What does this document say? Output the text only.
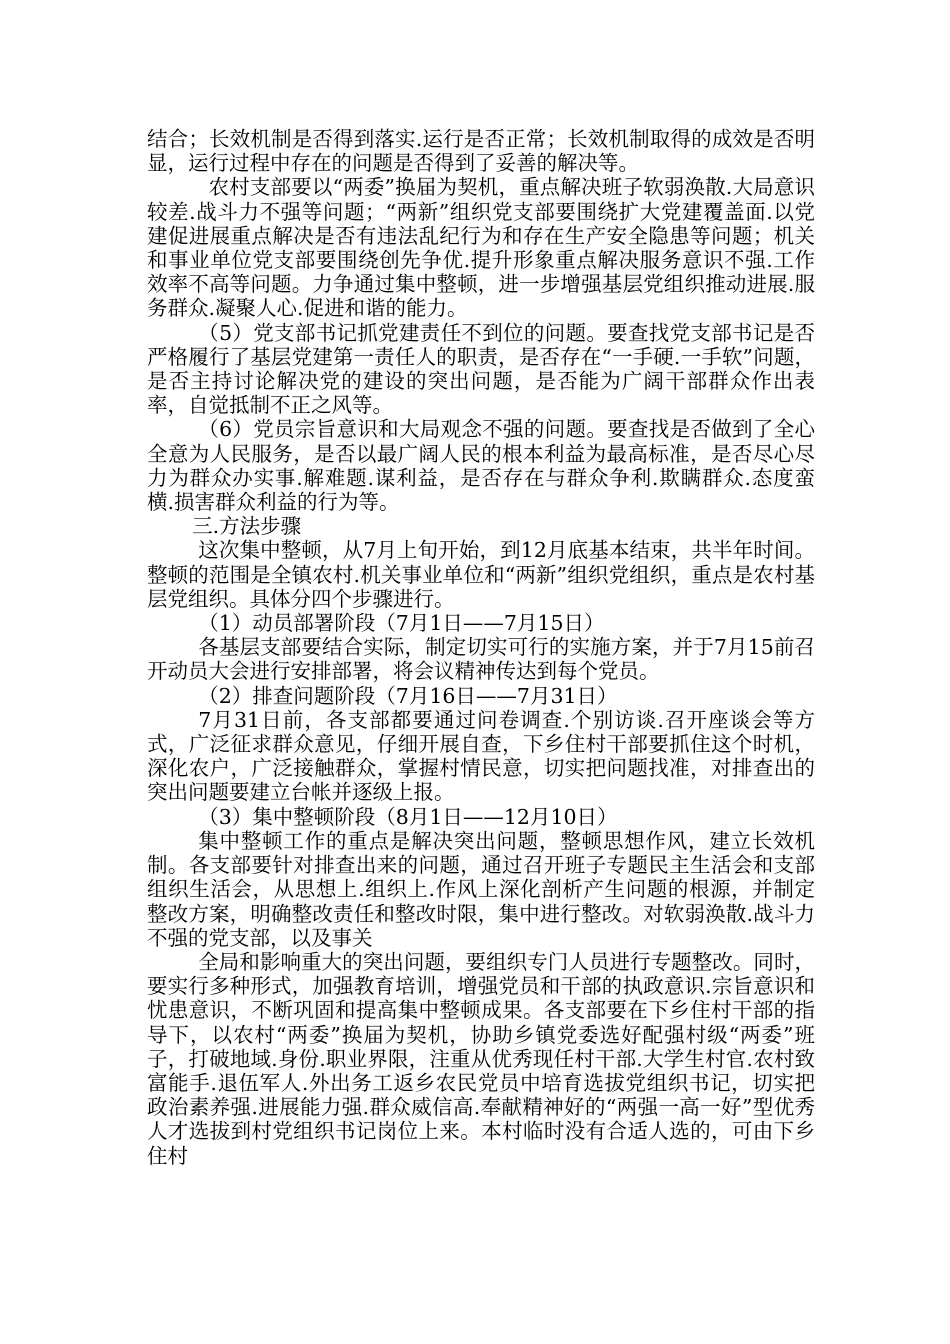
结合；长效机制是否得到落实.运行是否正常；长效机制取得的成效是否明显，运行过程中存在的问题是否得到了妥善的解决等。

农村支部要以“两委”换届为契机，重点解决班子软弱涣散.大局意识较差.战斗力不强等问题；“两新”组织党支部要围绕扩大党建覆盖面.以党建促进展重点解决是否有违法乱纪行为和存在生产安全隐患等问题；机关和事业单位党支部要围绕创先争优.提升形象重点解决服务意识不强.工作效率不高等问题。力争通过集中整顿，进一步增强基层党组织推动进展.服务群众.凝聚人心.促进和谐的能力。

（5）党支部书记抓党建责任不到位的问题。要查找党支部书记是否严格履行了基层党建第一责任人的职责，是否存在“一手硬.一手软”问题，是否主持讨论解决党的建设的突出问题，是否能为广阔干部群众作出表率，自觉抵制不正之风等。

（6）党员宗旨意识和大局观念不强的问题。要查找是否做到了全心全意为人民服务，是否以最广阔人民的根本利益为最高标准，是否尽心尽力为群众办实事.解难题.谋利益，是否存在与群众争利.欺瞒群众.态度蛮横.损害群众利益的行为等。

三.方法步骤

这次集中整顿，从7月上旬开始，到12月底基本结束，共半年时间。整顿的范围是全镇农村.机关事业单位和“两新”组织党组织，重点是农村基层党组织。具体分四个步骤进行。

（1）动员部署阶段（7月1日——7月15日）

各基层支部要结合实际，制定切实可行的实施方案，并于7月15前召开动员大会进行安排部署，将会议精神传达到每个党员。

（2）排查问题阶段（7月16日——7月31日）

7月31日前，各支部都要通过问卷调查.个别访谈.召开座谈会等方式，广泛征求群众意见，仔细开展自查，下乡住村干部要抓住这个时机，深化农户，广泛接触群众，掌握村情民意，切实把问题找准，对排查出的突出问题要建立台帐并逐级上报。

（3）集中整顿阶段（8月1日——12月10日）

集中整顿工作的重点是解决突出问题，整顿思想作风，建立长效机制。各支部要针对排查出来的问题，通过召开班子专题民主生活会和支部组织生活会，从思想上.组织上.作风上深化剖析产生问题的根源，并制定整改方案，明确整改责任和整改时限，集中进行整改。对软弱涣散.战斗力不强的党支部，以及事关

全局和影响重大的突出问题，要组织专门人员进行专题整改。同时，要实行多种形式，加强教育培训，增强党员和干部的执政意识.宗旨意识和忧患意识，不断巩固和提高集中整顿成果。各支部要在下乡住村干部的指导下，以农村“两委”换届为契机，协助乡镇党委选好配强村级“两委”班子，打破地域.身份.职业界限，注重从优秀现任村干部.大学生村官.农村致富能手.退伍军人.外出务工返乡农民党员中培育选拔党组织书记，切实把政治素养强.进展能力强.群众威信高.奉献精神好的“两强一高一好”型优秀人才选拔到村党组织书记岗位上来。本村临时没有合适人选的，可由下乡住村
